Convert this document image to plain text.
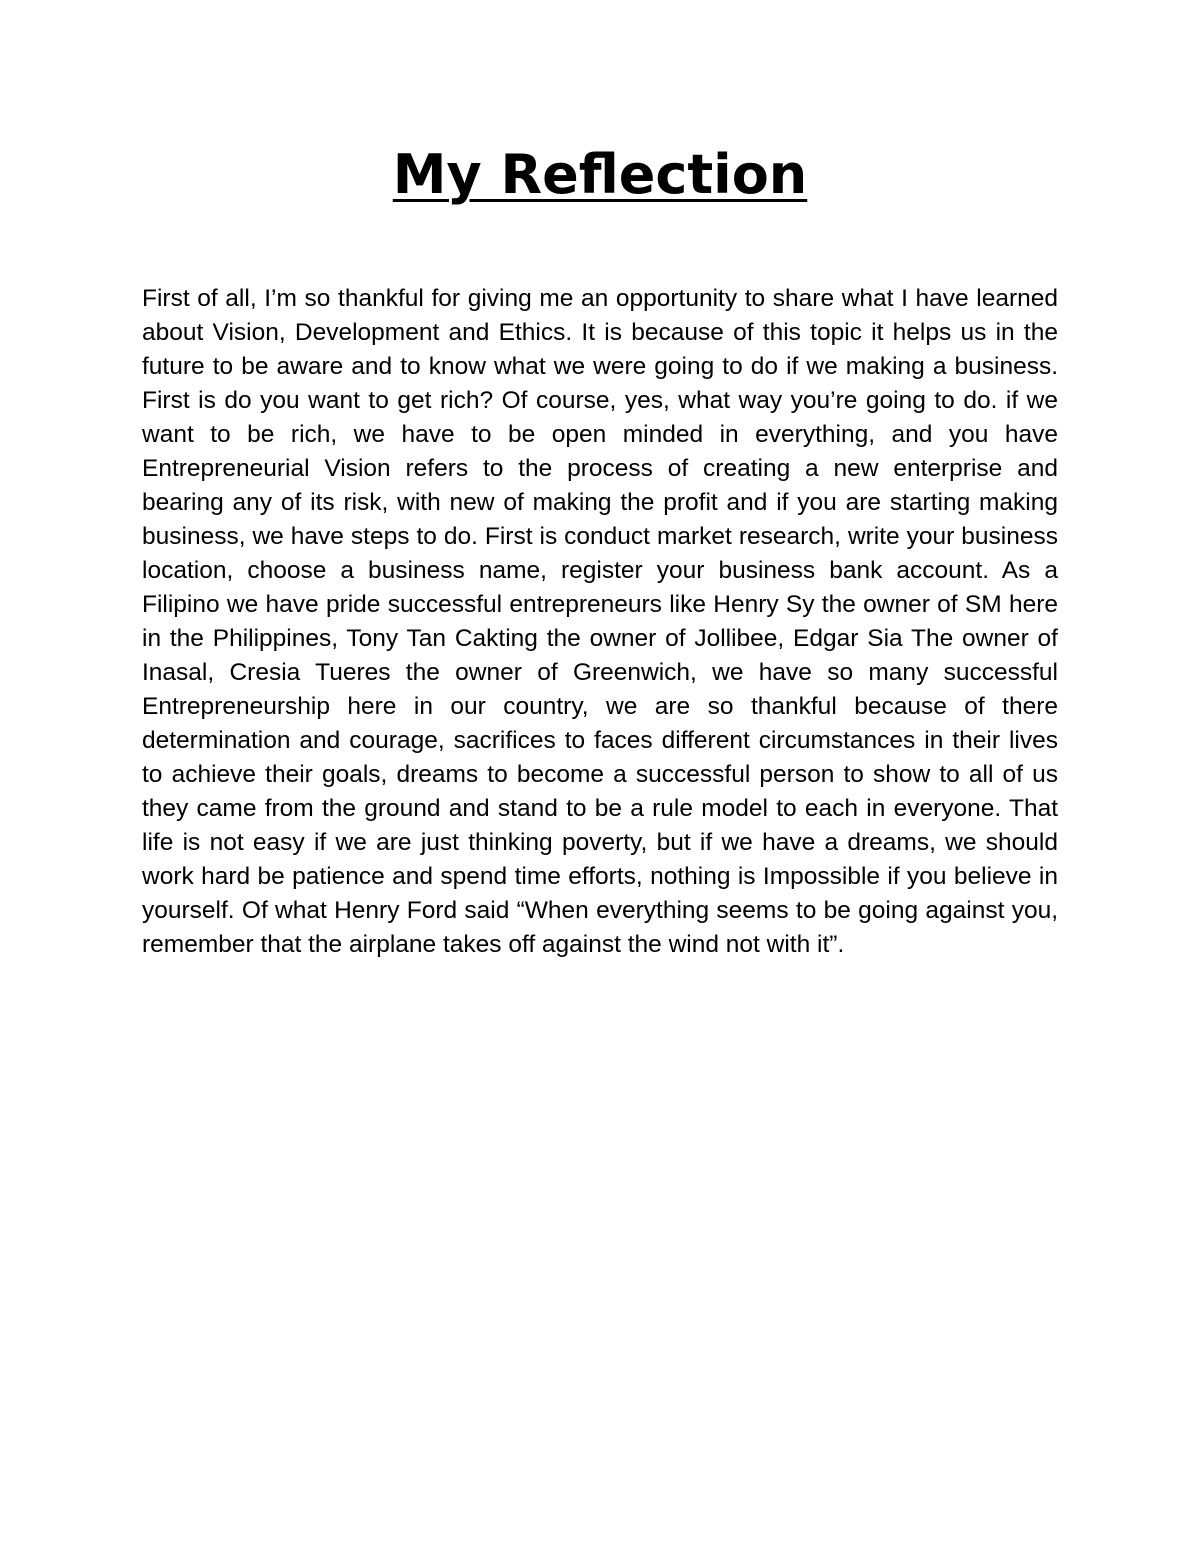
My Reflection

First of all, I’m so thankful for giving me an opportunity to share what I have learned about Vision, Development and Ethics. It is because of this topic it helps us in the future to be aware and to know what we were going to do if we making a business. First is do you want to get rich? Of course, yes, what way you’re going to do. if we want to be rich, we have to be open minded in everything, and you have Entrepreneurial Vision refers to the process of creating a new enterprise and bearing any of its risk, with new of making the profit and if you are starting making business, we have steps to do. First is conduct market research, write your business location, choose a business name, register your business bank account. As a Filipino we have pride successful entrepreneurs like Henry Sy the owner of SM here in the Philippines, Tony Tan Cakting the owner of Jollibee, Edgar Sia The owner of Inasal, Cresia Tueres the owner of Greenwich, we have so many successful Entrepreneurship here in our country, we are so thankful because of there determination and courage, sacrifices to faces different circumstances in their lives to achieve their goals, dreams to become a successful person to show to all of us they came from the ground and stand to be a rule model to each in everyone. That life is not easy if we are just thinking poverty, but if we have a dreams, we should work hard be patience and spend time efforts, nothing is Impossible if you believe in yourself. Of what Henry Ford said “When everything seems to be going against you, remember that the airplane takes off against the wind not with it”.
